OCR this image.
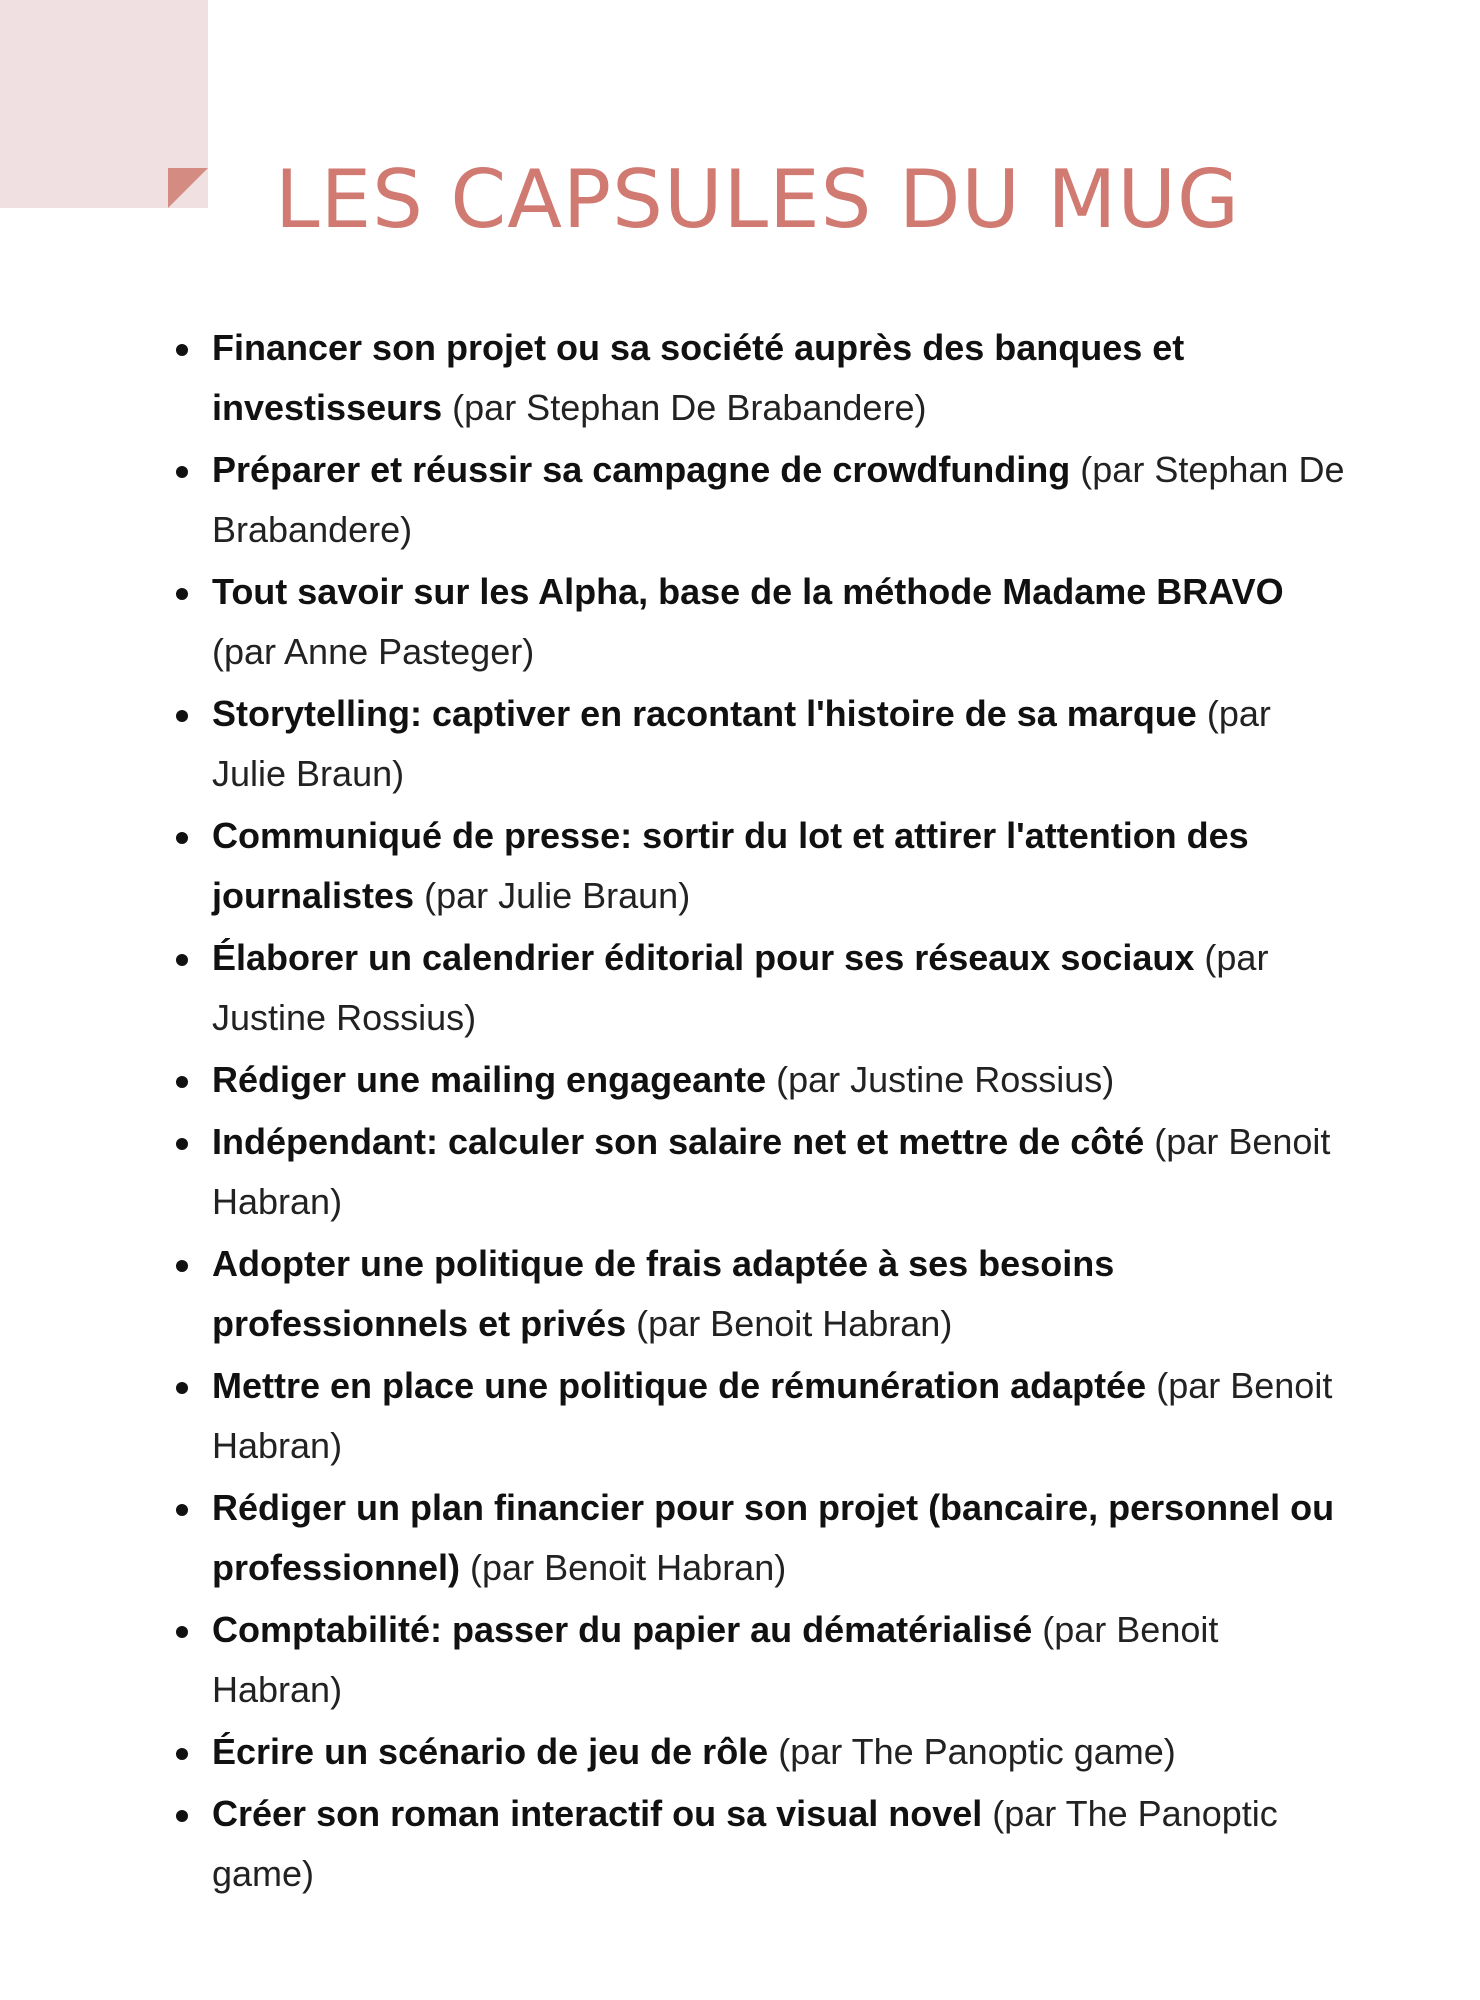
LES CAPSULES DU MUG
Financer son projet ou sa société auprès des banques et investisseurs (par Stephan De Brabandere)
Préparer et réussir sa campagne de crowdfunding (par Stephan De Brabandere)
Tout savoir sur les Alpha, base de la méthode Madame BRAVO (par Anne Pasteger)
Storytelling: captiver en racontant l'histoire de sa marque (par Julie Braun)
Communiqué de presse: sortir du lot et attirer l'attention des journalistes (par Julie Braun)
Élaborer un calendrier éditorial pour ses réseaux sociaux (par Justine Rossius)
Rédiger une mailing engageante (par Justine Rossius)
Indépendant: calculer son salaire net et mettre de côté (par Benoit Habran)
Adopter une politique de frais adaptée à ses besoins professionnels et privés (par Benoit Habran)
Mettre en place une politique de rémunération adaptée (par Benoit Habran)
Rédiger un plan financier pour son projet (bancaire, personnel ou professionnel) (par Benoit Habran)
Comptabilité: passer du papier au dématérialisé (par Benoit Habran)
Écrire un scénario de jeu de rôle (par The Panoptic game)
Créer son roman interactif ou sa visual novel (par The Panoptic game)
